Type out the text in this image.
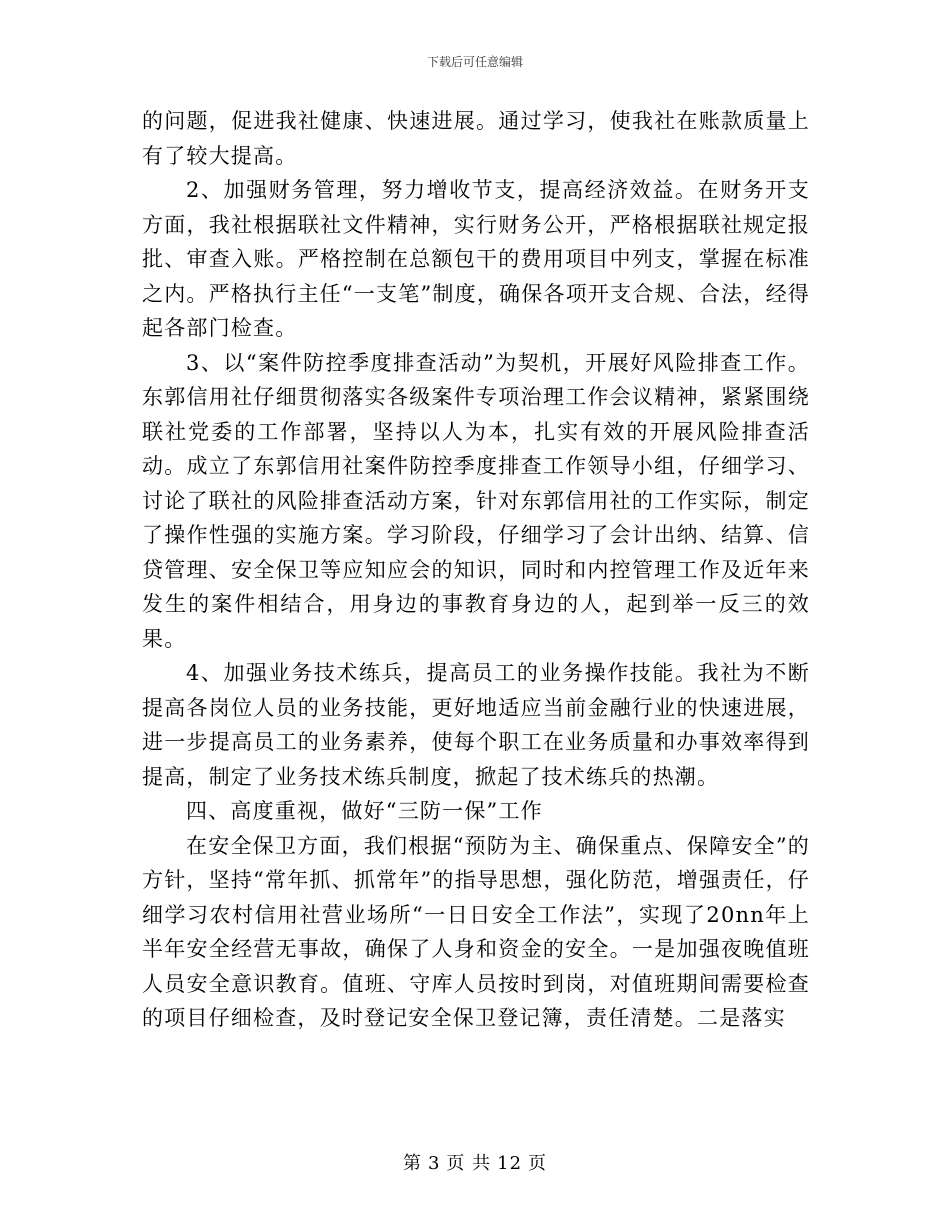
下载后可任意编辑

的问题，促进我社健康、快速进展。通过学习，使我社在账款质量上有了较大提高。

2、加强财务管理，努力增收节支，提高经济效益。在财务开支方面，我社根据联社文件精神，实行财务公开，严格根据联社规定报批、审查入账。严格控制在总额包干的费用项目中列支，掌握在标准之内。严格执行主任“一支笔”制度，确保各项开支合规、合法，经得起各部门检查。

3、以“案件防控季度排查活动”为契机，开展好风险排查工作。东郭信用社仔细贯彻落实各级案件专项治理工作会议精神，紧紧围绕联社党委的工作部署，坚持以人为本，扎实有效的开展风险排查活动。成立了东郭信用社案件防控季度排查工作领导小组，仔细学习、讨论了联社的风险排查活动方案，针对东郭信用社的工作实际，制定了操作性强的实施方案。学习阶段，仔细学习了会计出纳、结算、信贷管理、安全保卫等应知应会的知识，同时和内控管理工作及近年来发生的案件相结合，用身边的事教育身边的人，起到举一反三的效果。

4、加强业务技术练兵，提高员工的业务操作技能。我社为不断提高各岗位人员的业务技能，更好地适应当前金融行业的快速进展，进一步提高员工的业务素养，使每个职工在业务质量和办事效率得到提高，制定了业务技术练兵制度，掀起了技术练兵的热潮。

四、高度重视，做好“三防一保”工作

在安全保卫方面，我们根据“预防为主、确保重点、保障安全”的方针，坚持“常年抓、抓常年”的指导思想，强化防范，增强责任，仔细学习农村信用社营业场所“一日日安全工作法”，实现了20nn年上半年安全经营无事故，确保了人身和资金的安全。一是加强夜晚值班人员安全意识教育。值班、守库人员按时到岗，对值班期间需要检查的项目仔细检查，及时登记安全保卫登记簿，责任清楚。二是落实

第 3 页 共 12 页
